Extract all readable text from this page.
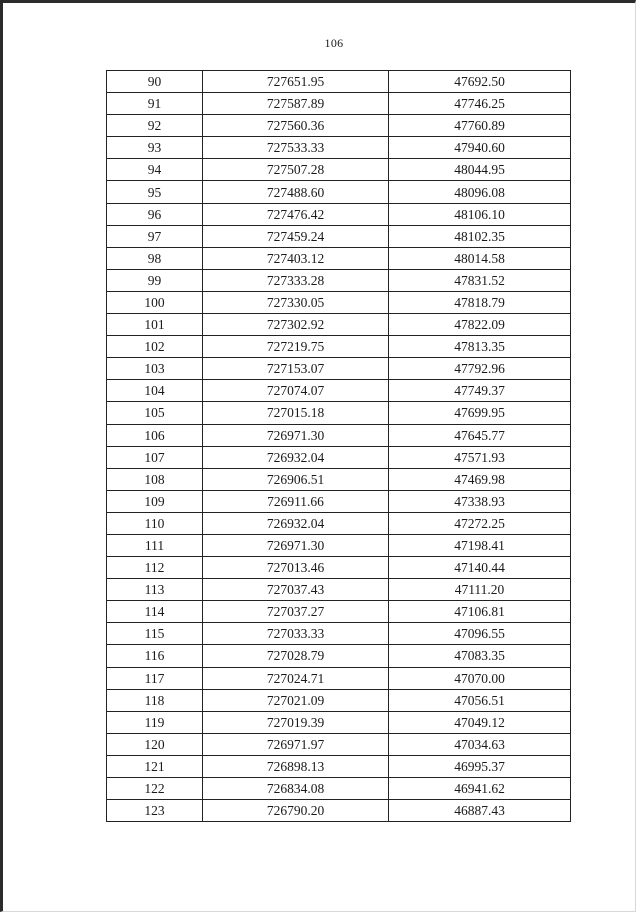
106
90	727651.95	47692.50
91	727587.89	47746.25
92	727560.36	47760.89
93	727533.33	47940.60
94	727507.28	48044.95
95	727488.60	48096.08
96	727476.42	48106.10
97	727459.24	48102.35
98	727403.12	48014.58
99	727333.28	47831.52
100	727330.05	47818.79
101	727302.92	47822.09
102	727219.75	47813.35
103	727153.07	47792.96
104	727074.07	47749.37
105	727015.18	47699.95
106	726971.30	47645.77
107	726932.04	47571.93
108	726906.51	47469.98
109	726911.66	47338.93
110	726932.04	47272.25
111	726971.30	47198.41
112	727013.46	47140.44
113	727037.43	47111.20
114	727037.27	47106.81
115	727033.33	47096.55
116	727028.79	47083.35
117	727024.71	47070.00
118	727021.09	47056.51
119	727019.39	47049.12
120	726971.97	47034.63
121	726898.13	46995.37
122	726834.08	46941.62
123	726790.20	46887.43
